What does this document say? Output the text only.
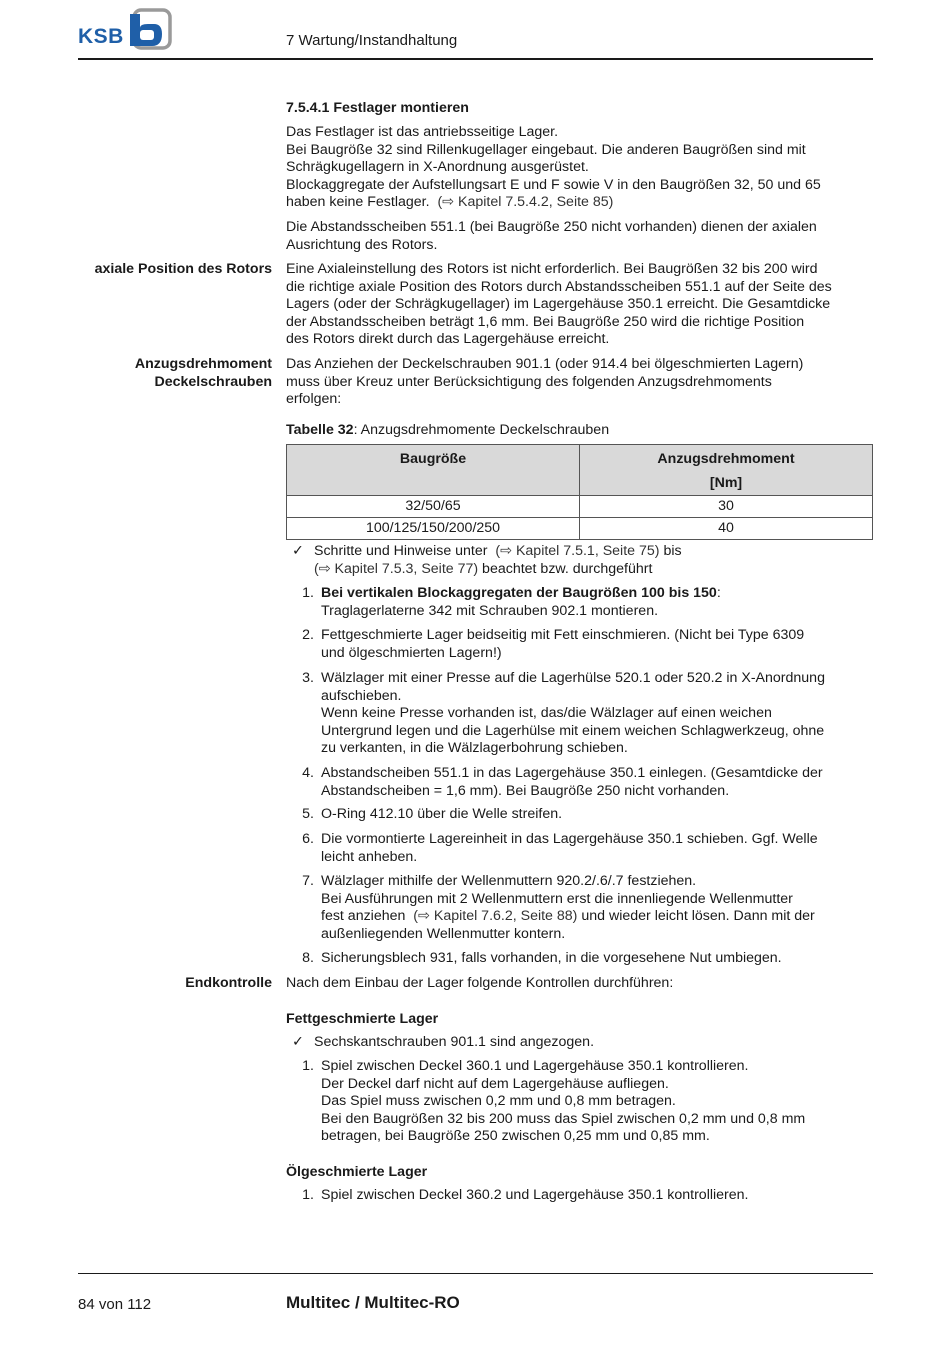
KSB	7 Wartung/Instandhaltung
7.5.4.1 Festlager montieren
Das Festlager ist das antriebsseitige Lager.
Bei Baugröße 32 sind Rillenkugellager eingebaut. Die anderen Baugrößen sind mit
Schrägkugellagern in X-Anordnung ausgerüstet.
Blockaggregate der Aufstellungsart E und F sowie V in den Baugrößen 32, 50 und 65
haben keine Festlager. (⇨ Kapitel 7.5.4.2, Seite 85)
Die Abstandsscheiben 551.1 (bei Baugröße 250 nicht vorhanden) dienen der axialen
Ausrichtung des Rotors.
axiale Position des Rotors Eine Axialeinstellung des Rotors ist nicht erforderlich. Bei Baugrößen 32 bis 200 wird
die richtige axiale Position des Rotors durch Abstandsscheiben 551.1 auf der Seite des
Lagers (oder der Schrägkugellager) im Lagergehäuse 350.1 erreicht. Die Gesamtdicke
der Abstandsscheiben beträgt 1,6 mm. Bei Baugröße 250 wird die richtige Position
des Rotors direkt durch das Lagergehäuse erreicht.
Anzugsdrehmoment
Deckelschrauben
Das Anziehen der Deckelschrauben 901.1 (oder 914.4 bei ölgeschmierten Lagern)
muss über Kreuz unter Berücksichtigung des folgenden Anzugsdrehmoments
erfolgen:
Tabelle 32: Anzugsdrehmomente Deckelschrauben
Baugröße	Anzugsdrehmoment
[Nm]

32/50/65	30
100/125/150/200/250	40
✓ Schritte und Hinweise unter  (⇨ Kapitel 7.5.1, Seite 75) bis
(⇨ Kapitel 7.5.3, Seite 77) beachtet bzw. durchgeführt
1. Bei vertikalen Blockaggregaten der Baugrößen 100 bis 150:
Traglagerlaterne 342 mit Schrauben 902.1 montieren.
2. Fettgeschmierte Lager beidseitig mit Fett einschmieren. (Nicht bei Type 6309
und ölgeschmierten Lagern!)
3. Wälzlager mit einer Presse auf die Lagerhülse 520.1 oder 520.2 in X-Anordnung
aufschieben.
Wenn keine Presse vorhanden ist, das/die Wälzlager auf einen weichen
Untergrund legen und die Lagerhülse mit einem weichen Schlagwerkzeug, ohne
zu verkanten, in die Wälzlagerbohrung schieben.
4. Abstandscheiben 551.1 in das Lagergehäuse 350.1 einlegen. (Gesamtdicke der
Abstandscheiben = 1,6 mm). Bei Baugröße 250 nicht vorhanden.
5. O-Ring 412.10 über die Welle streifen.
6. Die vormontierte Lagereinheit in das Lagergehäuse 350.1 schieben. Ggf. Welle
leicht anheben.
7. Wälzlager mithilfe der Wellenmuttern 920.2/.6/.7 festziehen.
Bei Ausführungen mit 2 Wellenmuttern erst die innenliegende Wellenmutter
fest anziehen  (⇨ Kapitel 7.6.2, Seite 88) und wieder leicht lösen. Dann mit der
außenliegenden Wellenmutter kontern.
8. Sicherungsblech 931, falls vorhanden, in die vorgesehene Nut umbiegen.
Endkontrolle Nach dem Einbau der Lager folgende Kontrollen durchführen:
Fettgeschmierte Lager
✓ Sechskantschrauben 901.1 sind angezogen.
1. Spiel zwischen Deckel 360.1 und Lagergehäuse 350.1 kontrollieren.
Der Deckel darf nicht auf dem Lagergehäuse aufliegen.
Das Spiel muss zwischen 0,2 mm und 0,8 mm betragen.
Bei den Baugrößen 32 bis 200 muss das Spiel zwischen 0,2 mm und 0,8 mm
betragen, bei Baugröße 250 zwischen 0,25 mm und 0,85 mm.
Ölgeschmierte Lager
1. Spiel zwischen Deckel 360.2 und Lagergehäuse 350.1 kontrollieren.
84 von 112	Multitec / Multitec-RO
